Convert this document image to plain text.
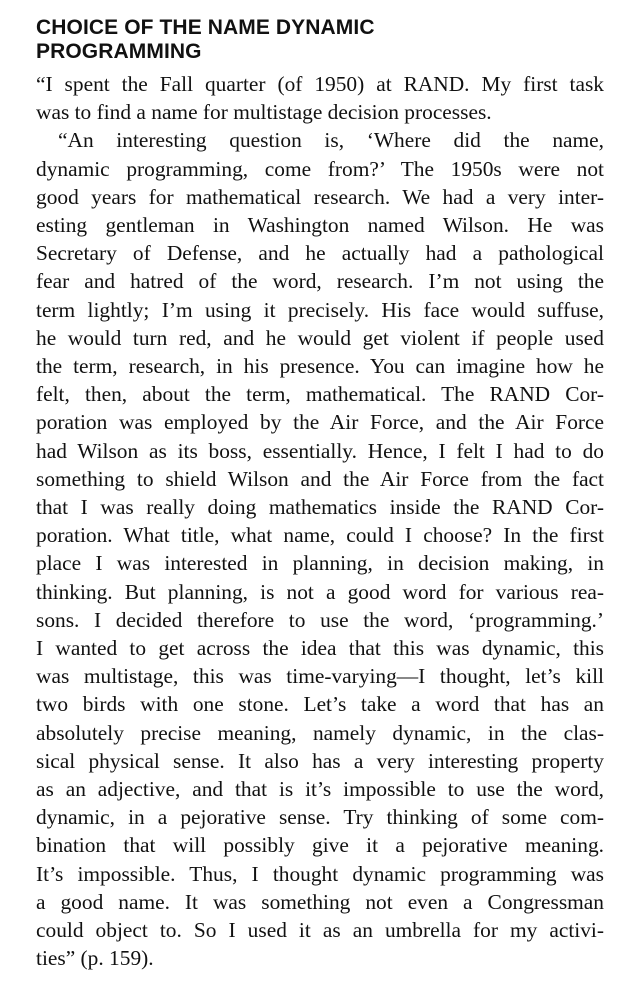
CHOICE OF THE NAME DYNAMIC
PROGRAMMING

“I spent the Fall quarter (of 1950) at RAND. My first task
was to find a name for multistage decision processes.

“An interesting question is, ‘Where did the name,
dynamic programming, come from?’ The 1950s were not
good years for mathematical research. We had a very inter-
esting gentleman in Washington named Wilson. He was
Secretary of Defense, and he actually had a pathological
fear and hatred of the word, research. I’m not using the
term lightly; I’m using it precisely. His face would suffuse,
he would turn red, and he would get violent if people used
the term, research, in his presence. You can imagine how he
felt, then, about the term, mathematical. The RAND Cor-
poration was employed by the Air Force, and the Air Force
had Wilson as its boss, essentially. Hence, I felt I had to do
something to shield Wilson and the Air Force from the fact
that I was really doing mathematics inside the RAND Cor-
poration. What title, what name, could I choose? In the first
place I was interested in planning, in decision making, in
thinking. But planning, is not a good word for various rea-
sons. I decided therefore to use the word, ‘programming.’
I wanted to get across the idea that this was dynamic, this
was multistage, this was time-varying—I thought, let’s kill
two birds with one stone. Let’s take a word that has an
absolutely precise meaning, namely dynamic, in the clas-
sical physical sense. It also has a very interesting property
as an adjective, and that is it’s impossible to use the word,
dynamic, in a pejorative sense. Try thinking of some com-
bination that will possibly give it a pejorative meaning.
It’s impossible. Thus, I thought dynamic programming was
a good name. It was something not even a Congressman
could object to. So I used it as an umbrella for my activi-
ties” (p. 159).
